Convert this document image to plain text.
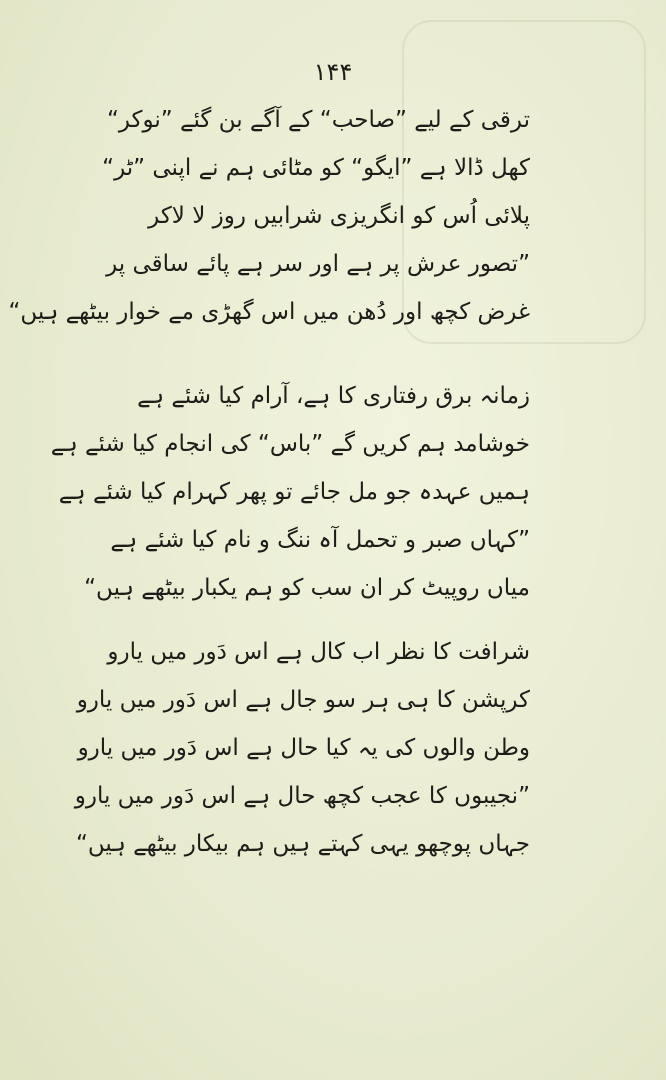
۱۴۴
ترقی کے لیے ”صاحب“ کے آگے بن گئے ”نوکر“
کھل ڈالا ہے ”ایگو“ کو مٹائی ہم نے اپنی ”ٹر“
پلائی اُس کو انگریزی شرابیں روز لا لاکر
”تصور عرش پر ہے اور سر ہے پائے ساقی پر
غرض کچھ اور دُھن میں اس گھڑی مے خوار بیٹھے ہیں“
زمانہ برق رفتاری کا ہے، آرام کیا شئے ہے
خوشامد ہم کریں گے ”باس“ کی انجام کیا شئے ہے
ہمیں عہدہ جو مل جائے تو پھر کہرام کیا شئے ہے
”کہاں صبر و تحمل آہ ننگ و نام کیا شئے ہے
میاں روپیٹ کر ان سب کو ہم یکبار بیٹھے ہیں“
شرافت کا نظر اب کال ہے اس دَور میں یارو
کرپشن کا ہی ہر سو جال ہے اس دَور میں یارو
وطن والوں کی یہ کیا حال ہے اس دَور میں یارو
”نجیبوں کا عجب کچھ حال ہے اس دَور میں یارو
جہاں پوچھو یہی کہتے ہیں ہم بیکار بیٹھے ہیں“
